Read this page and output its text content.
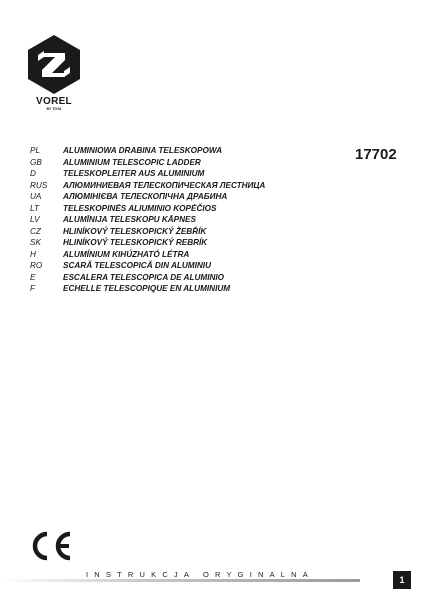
VOREL
BY TOYA
17702
PL	ALUMINIOWA DRABINA TELESKOPOWA
GB	ALUMINIUM TELESCOPIC LADDER
D	TELESKOPLEITER AUS ALUMINIUM
RUS АЛЮМИНИЕВАЯ ТЕЛЕСКОПИЧЕСКАЯ ЛЕСТНИЦА
UA	АЛЮМІНІЄВА ТЕЛЕСКОПІЧНА ДРАБИНА
LT	TELESKOPINĖS ALIUMINIO KOPĖČIOS
LV	ALUMĪNIJA TELESKOPU KĀPNES
CZ	HLINÍKOVÝ TELESKOPICKÝ ŽEBŘÍK
SK	HLINÍKOVÝ TELESKOPICKÝ REBRÍK
H	ALUMÍNIUM KIHÚZHATÓ LÉTRA
RO	SCARĂ TELESCOPICĂ DIN ALUMINIU
E	ESCALERA TELESCOPICA DE ALUMINIO
F	ECHELLE TELESCOPIQUE EN ALUMINIUM
INSTRUKCJA ORYGINALNA
1
